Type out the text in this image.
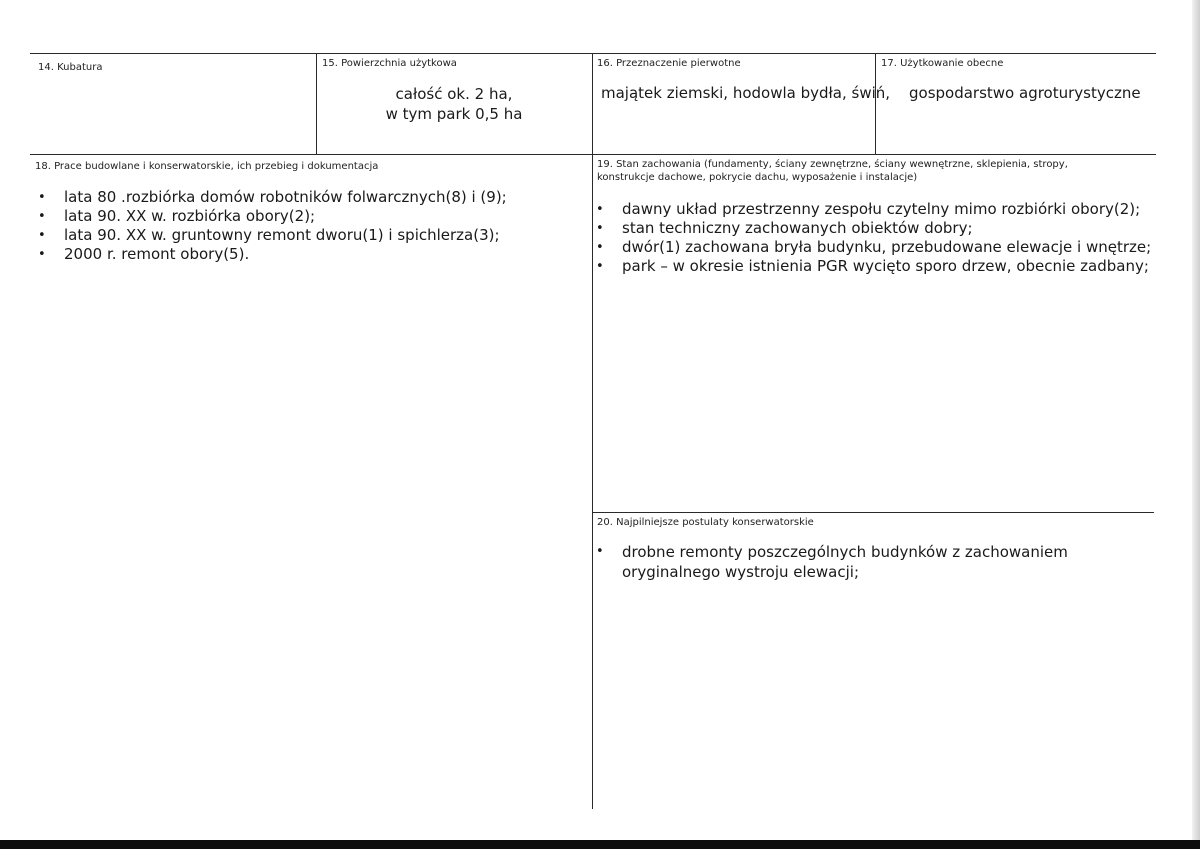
14. Kubatura	15. Powierzchnia użytkowa
całość ok. 2 ha,
w tym park 0,5 ha
16. Przeznaczenie pierwotne
majątek ziemski, hodowla bydła, świń,
17. Użytkowanie obecne
gospodarstwo agroturystyczne
18. Prace budowlane i konserwatorskie, ich przebieg i dokumentacja
• lata 80 .rozbiórka domów robotników folwarcznych(8) i (9);
• lata 90. XX w. rozbiórka obory(2);
• lata 90. XX w. gruntowny remont dworu(1) i spichlerza(3);
• 2000 r. remont obory(5).
19. Stan zachowania (fundamenty, ściany zewnętrzne, ściany wewnętrzne, sklepienia, stropy,
konstrukcje dachowe, pokrycie dachu, wyposażenie i instalacje)
• dawny układ przestrzenny zespołu czytelny mimo rozbiórki obory(2);
• stan techniczny zachowanych obiektów dobry;
• dwór(1) zachowana bryła budynku, przebudowane elewacje i wnętrze;
• park – w okresie istnienia PGR wycięto sporo drzew, obecnie zadbany;
20. Najpilniejsze postulaty konserwatorskie
• drobne remonty poszczególnych budynków z zachowaniem oryginalnego wystroju elewacji;
